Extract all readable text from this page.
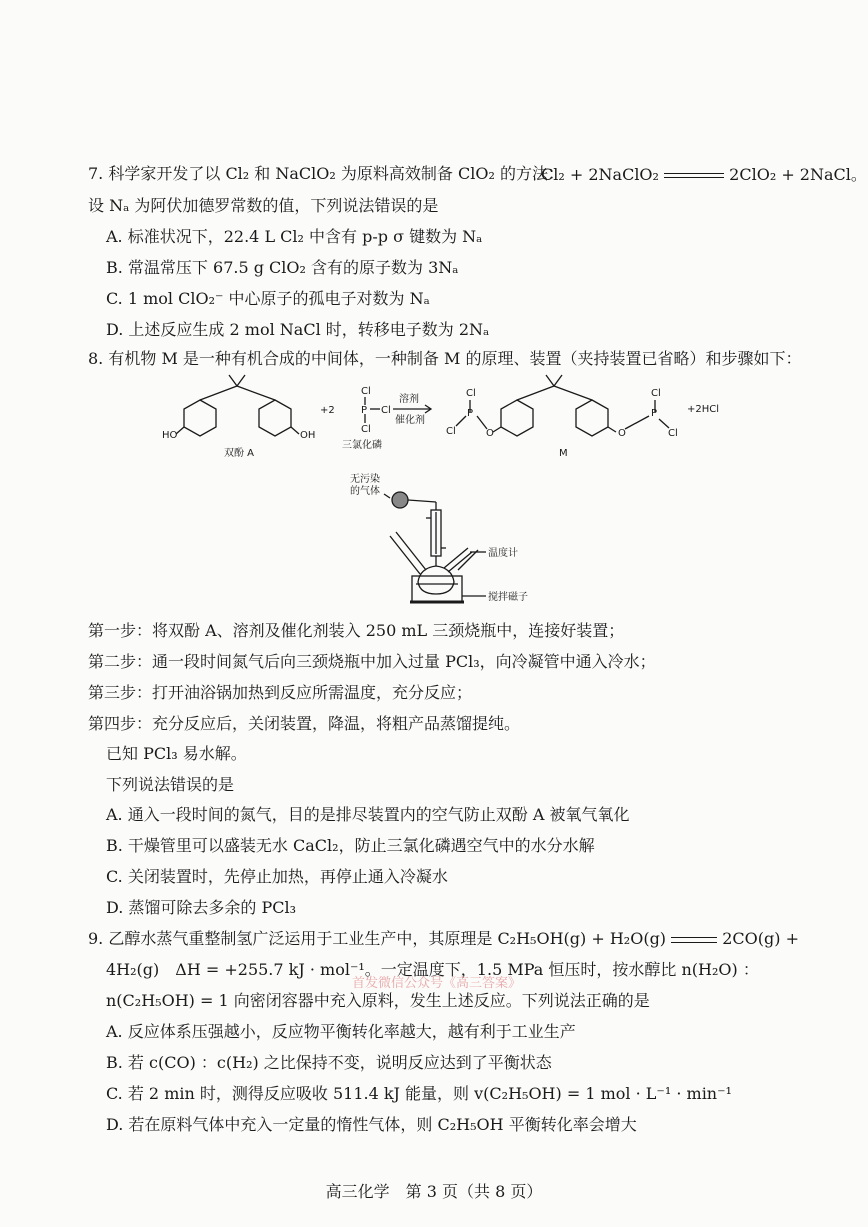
7. 科学家开发了以 Cl₂ 和 NaClO₂ 为原料高效制备 ClO₂ 的方法：
Cl₂ + 2NaClO₂	2ClO₂ + 2NaCl。
设 Nₐ 为阿伏加德罗常数的值，下列说法错误的是
A. 标准状况下，22.4 L Cl₂ 中含有 p-p σ 键数为 Nₐ
B. 常温常压下 67.5 g ClO₂ 含有的原子数为 3Nₐ
C. 1 mol ClO₂⁻ 中心原子的孤电子对数为 Nₐ
D. 上述反应生成 2 mol NaCl 时，转移电子数为 2Nₐ
8. 有机物 M 是一种有机合成的中间体，一种制备 M 的原理、装置（夹持装置已省略）和步骤如下：
HO	OH
+2
Cl
P Cl
Cl
溶剂
催化剂
Cl
P
Cl	O	O
Cl
P
Cl
+2HCl
双酚 A
三氯化磷
M
无污染
的气体
温度计
搅拌磁子
第一步：将双酚 A、溶剂及催化剂装入 250 mL 三颈烧瓶中，连接好装置；
第二步：通一段时间氮气后向三颈烧瓶中加入过量 PCl₃，向冷凝管中通入冷水；
第三步：打开油浴锅加热到反应所需温度，充分反应；
第四步：充分反应后，关闭装置，降温，将粗产品蒸馏提纯。
已知 PCl₃ 易水解。
下列说法错误的是
A. 通入一段时间的氮气，目的是排尽装置内的空气防止双酚 A 被氧气氧化
B. 干燥管里可以盛装无水 CaCl₂，防止三氯化磷遇空气中的水分水解
C. 关闭装置时，先停止加热，再停止通入冷凝水
D. 蒸馏可除去多余的 PCl₃
9. 乙醇水蒸气重整制氢广泛运用于工业生产中，其原理是 C₂H₅OH(g) + H₂O(g)	2CO(g) +
4H₂(g)　ΔH = +255.7 kJ · mol⁻¹。一定温度下，1.5 MPa 恒压时，按水醇比 n(H₂O) ：
首发微信公众号《高三答案》
n(C₂H₅OH) = 1 向密闭容器中充入原料，发生上述反应。下列说法正确的是
A. 反应体系压强越小，反应物平衡转化率越大，越有利于工业生产
B. 若 c(CO) ：c(H₂) 之比保持不变，说明反应达到了平衡状态
C. 若 2 min 时，测得反应吸收 511.4 kJ 能量，则 v(C₂H₅OH) = 1 mol · L⁻¹ · min⁻¹
D. 若在原料气体中充入一定量的惰性气体，则 C₂H₅OH 平衡转化率会增大
高三化学　第 3 页（共 8 页）
